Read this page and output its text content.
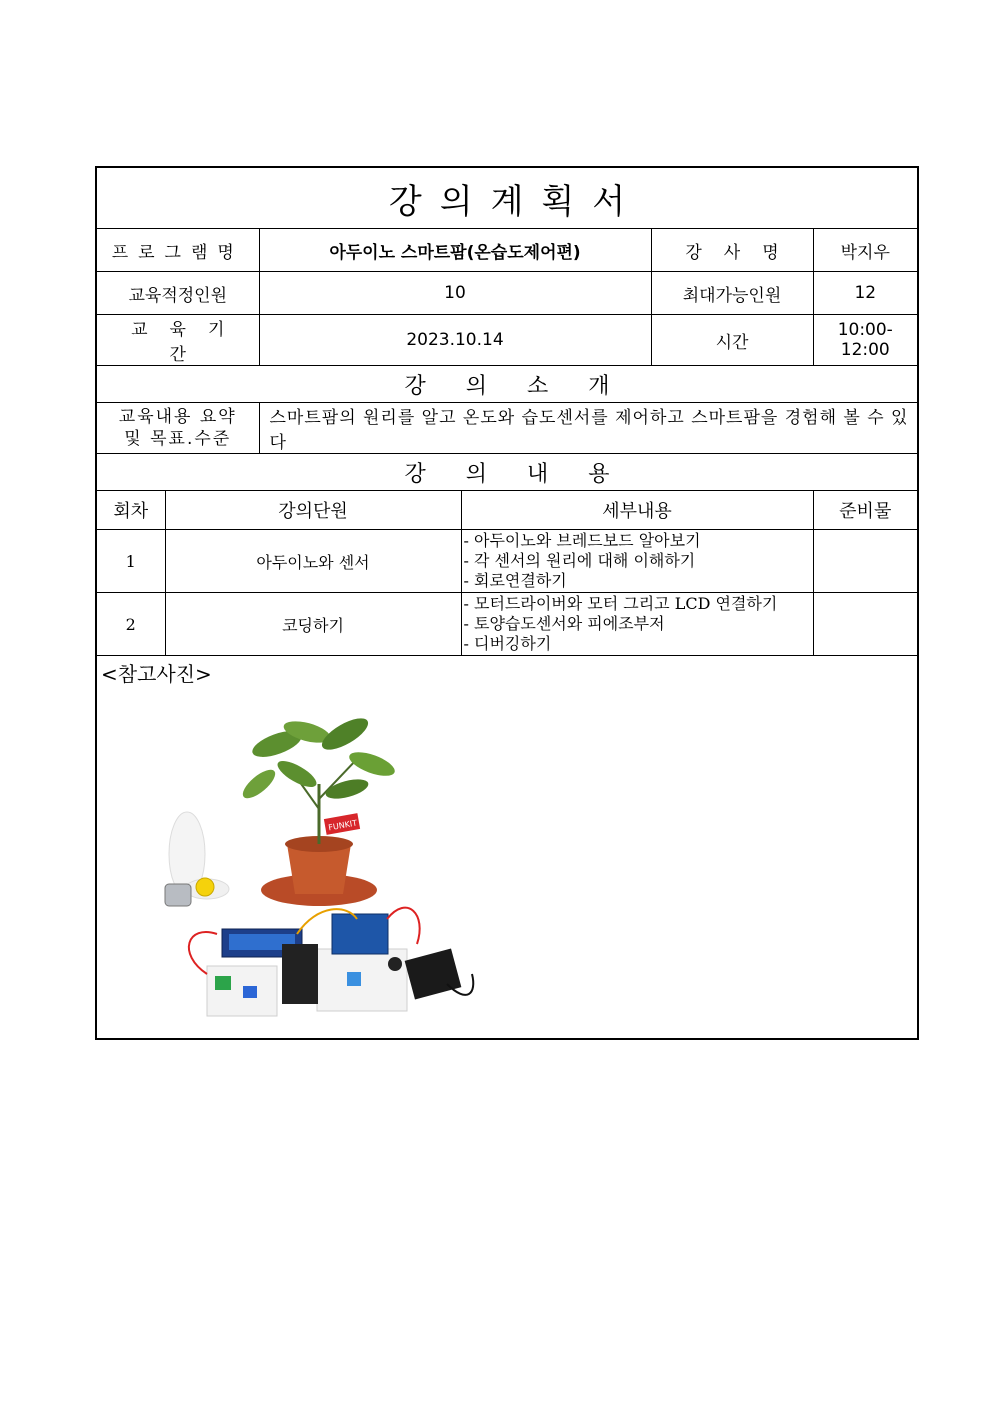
강의계획서					
프로그램명		아두이노 스마트팜(온습도제어편)		강사명	박지우
교육적정인원		10		최대가능인원	12
교육기간		2023.10.14		시간	10:00-12:00
강의소개					

교육내용 요약
및 목표.수준		스마트팜의 원리를 알고 온도와 습도센서를 제어하고 스마트팜을 경험해 볼 수 있다			
강의내용					
회차	강의단원		세부내용		준비물
1	아두이노와 센서		- 아두이노와 브레드보드 알아보기
- 각 센서의 원리에 대해 이해하기
- 회로연결하기		

2	코딩하기		- 모터드라이버와 모터 그리고 LCD 연결하기
- 토양습도센서와 피에조부저
- 디버깅하기		

<참고사진>
FUNKIT					
